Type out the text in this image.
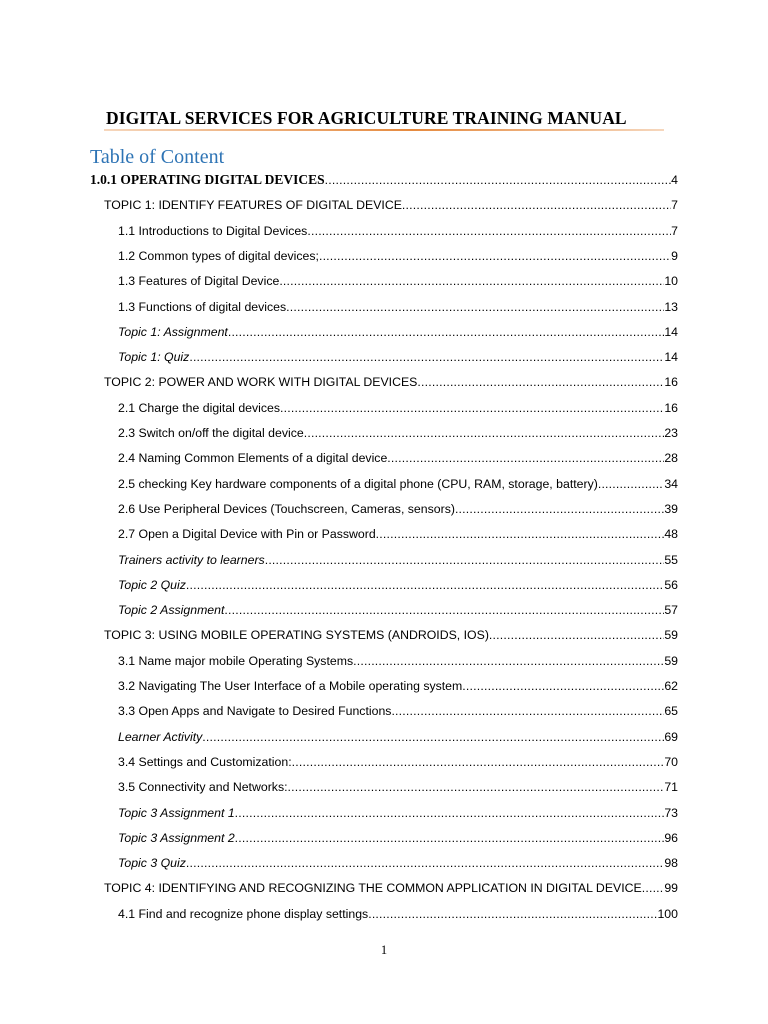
DIGITAL SERVICES FOR AGRICULTURE TRAINING MANUAL
Table of Content
1.0.1 OPERATING DIGITAL DEVICES .....	4
TOPIC 1: IDENTIFY FEATURES OF DIGITAL DEVICE .....	7
1.1 Introductions to Digital Devices .....	7
1.2 Common types of digital devices; .....	9
1.3 Features of Digital Device .....	10
1.3 Functions of digital devices .....	13
Topic 1: Assignment .....	14
Topic 1: Quiz .....	14
TOPIC 2: POWER AND WORK WITH DIGITAL DEVICES .....	16
2.1 Charge the digital devices .....	16
2.3 Switch on/off the digital device .....	23
2.4 Naming Common Elements of a digital device .....	28
2.5 checking Key hardware components of a digital phone (CPU, RAM, storage, battery) .....	34
2.6 Use Peripheral Devices (Touchscreen, Cameras, sensors) .....	39
2.7 Open a Digital Device with Pin or Password .....	48
Trainers activity to learners .....	55
Topic 2 Quiz .....	56
Topic 2 Assignment .....	57
TOPIC 3: USING MOBILE OPERATING SYSTEMS (ANDROIDS, IOS) .....	59
3.1 Name major mobile Operating Systems .....	59
3.2 Navigating The User Interface of a Mobile operating system .....	62
3.3 Open Apps and Navigate to Desired Functions .....	65
Learner Activity .....	69
3.4 Settings and Customization: .....	70
3.5 Connectivity and Networks: .....	71
Topic 3 Assignment 1 .....	73
Topic 3 Assignment 2 .....	96
Topic 3 Quiz .....	98
TOPIC 4: IDENTIFYING AND RECOGNIZING THE COMMON APPLICATION IN DIGITAL DEVICE ..... 99
4.1 Find and recognize phone display settings .....	100
1
